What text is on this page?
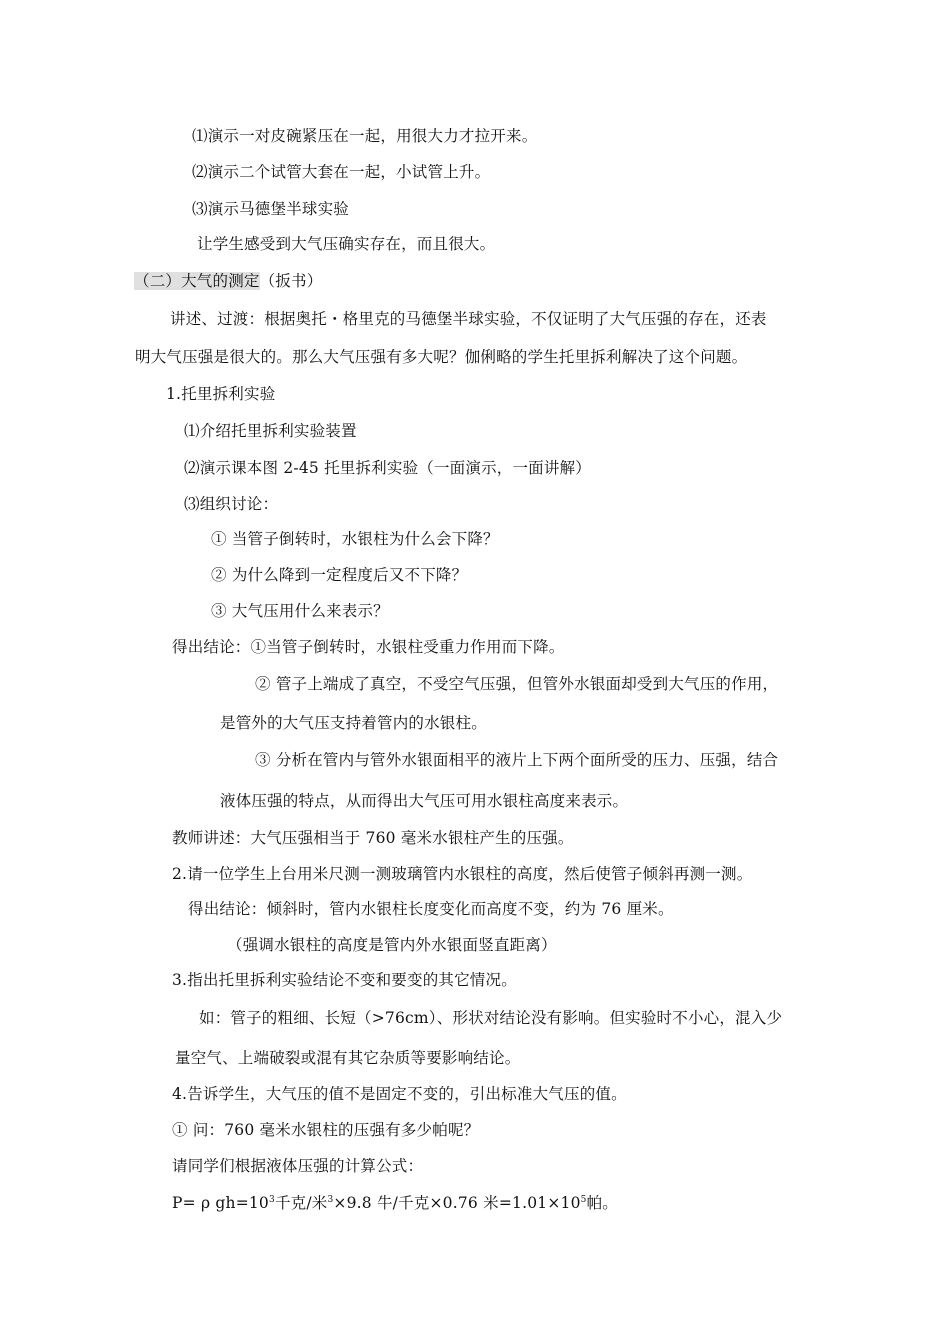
⑴演示一对皮碗紧压在一起，用很大力才拉开来。
⑵演示二个试管大套在一起，小试管上升。
⑶演示马德堡半球实验
让学生感受到大气压确实存在，而且很大。
（二）大气的测定（扳书）
讲述、过渡：根据奥托・格里克的马德堡半球实验，不仅证明了大气压强的存在，还表
明大气压强是很大的。那么大气压强有多大呢？伽俐略的学生托里拆利解决了这个问题。
1.托里拆利实验
⑴介绍托里拆利实验装置
⑵演示课本图 2-45 托里拆利实验（一面演示，一面讲解）
⑶组织讨论：
① 当管子倒转时，水银柱为什么会下降？
② 为什么降到一定程度后又不下降？
③ 大气压用什么来表示？
得出结论：①当管子倒转时，水银柱受重力作用而下降。
② 管子上端成了真空，不受空气压强，但管外水银面却受到大气压的作用，
是管外的大气压支持着管内的水银柱。
③ 分析在管内与管外水银面相平的液片上下两个面所受的压力、压强，结合
液体压强的特点，从而得出大气压可用水银柱高度来表示。
教师讲述：大气压强相当于 760 毫米水银柱产生的压强。
2.请一位学生上台用米尺测一测玻璃管内水银柱的高度，然后使管子倾斜再测一测。
得出结论：倾斜时，管内水银柱长度变化而高度不变，约为 76 厘米。
（强调水银柱的高度是管内外水银面竖直距离）
3.指出托里拆利实验结论不变和要变的其它情况。
如：管子的粗细、长短（>76cm）、形状对结论没有影响。但实验时不小心，混入少
量空气、上端破裂或混有其它杂质等要影响结论。
4.告诉学生，大气压的值不是固定不变的，引出标准大气压的值。
① 问：760 毫米水银柱的压强有多少帕呢？
请同学们根据液体压强的计算公式：
P= ρ $gh=10^3$千克/米$^3$×9.8 牛/千克×0.76 米$=1.01\times 10^5$帕。
